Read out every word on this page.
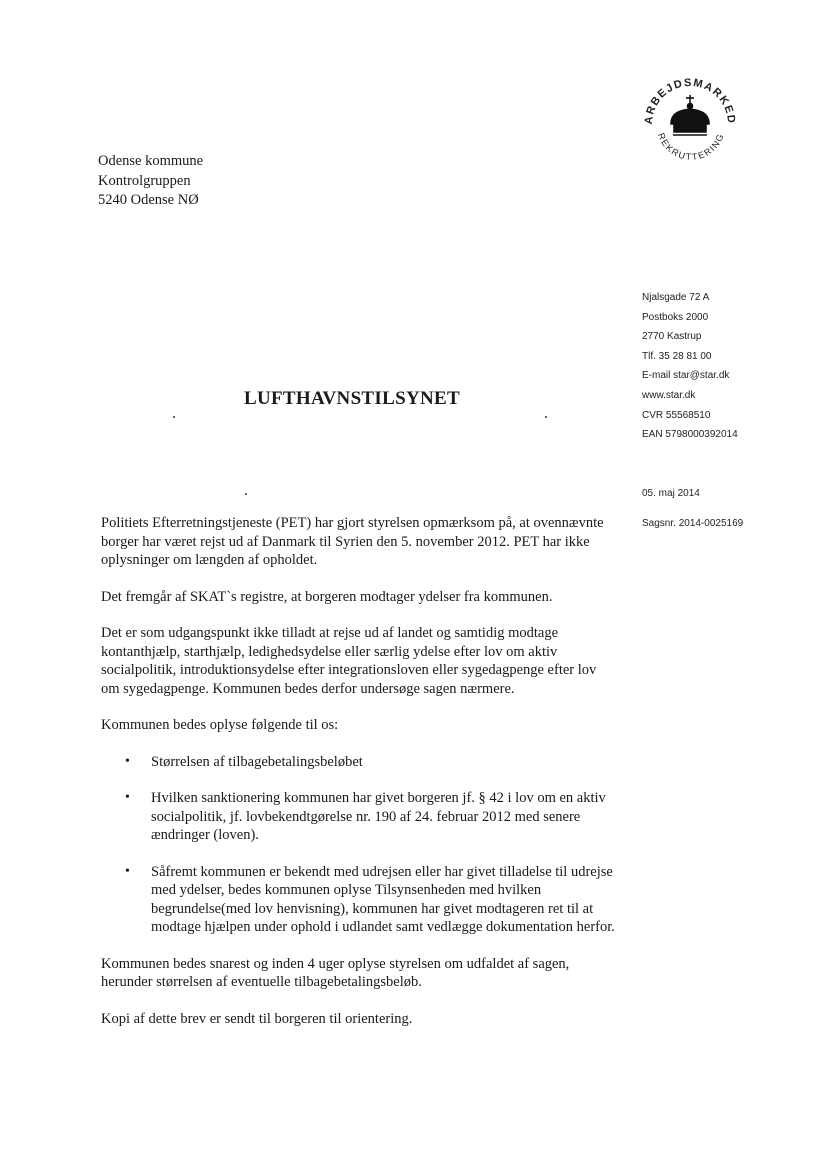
ARBEJDSMARKED
REKRUTTERING
Odense kommune
Kontrolgruppen
5240 Odense NØ
Njalsgade 72 A
Postboks 2000
2770 Kastrup
Tlf. 35 28 81 00
E-mail star@star.dk
www.star.dk
CVR 55568510
EAN 5798000392014
05. maj 2014
Sagsnr. 2014-0025169
LUFTHAVNSTILSYNET

Politiets Efterretningstjeneste (PET) har gjort styrelsen opmærksom på, at ovennævnte borger har været rejst ud af Danmark til Syrien den 5. november 2012. PET har ikke oplysninger om længden af opholdet.

Det fremgår af SKAT`s registre, at borgeren modtager ydelser fra kommunen.

Det er som udgangspunkt ikke tilladt at rejse ud af landet og samtidig modtage kontanthjælp, starthjælp, ledighedsydelse eller særlig ydelse efter lov om aktiv socialpolitik, introduktionsydelse efter integrationsloven eller sygedagpenge efter lov om sygedagpenge. Kommunen bedes derfor undersøge sagen nærmere.

Kommunen bedes oplyse følgende til os:

• Størrelsen af tilbagebetalingsbeløbet
• Hvilken sanktionering kommunen har givet borgeren jf. § 42 i lov om en aktiv socialpolitik, jf. lovbekendtgørelse nr. 190 af 24. februar 2012 med senere ændringer (loven).
• Såfremt kommunen er bekendt med udrejsen eller har givet tilladelse til udrejse med ydelser, bedes kommunen oplyse Tilsynsenheden med hvilken begrundelse(med lov henvisning), kommunen har givet modtageren ret til at modtage hjælpen under ophold i udlandet samt vedlægge dokumentation herfor.

Kommunen bedes snarest og inden 4 uger oplyse styrelsen om udfaldet af sagen, herunder størrelsen af eventuelle tilbagebetalingsbeløb.

Kopi af dette brev er sendt til borgeren til orientering.
